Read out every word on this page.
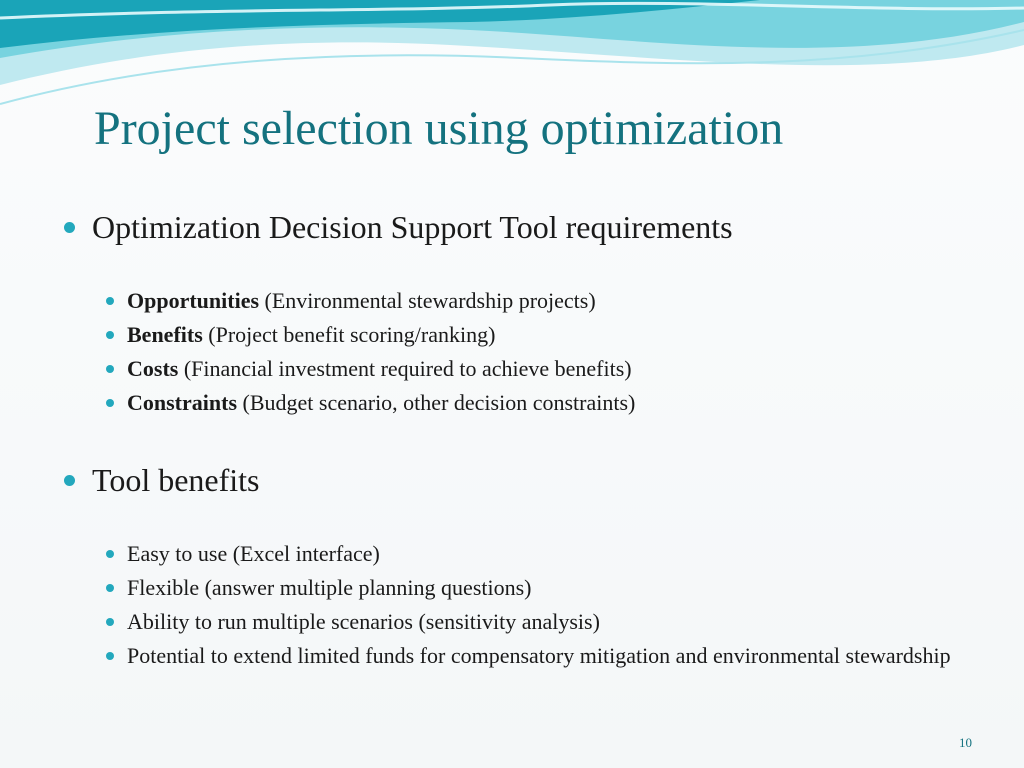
Project selection using optimization
Optimization Decision Support Tool requirements
Opportunities (Environmental stewardship projects)
Benefits (Project benefit scoring/ranking)
Costs (Financial investment required to achieve benefits)
Constraints (Budget scenario, other decision constraints)
Tool benefits
Easy to use (Excel interface)
Flexible (answer multiple planning questions)
Ability to run multiple scenarios (sensitivity analysis)
Potential to extend limited funds for compensatory mitigation and environmental stewardship
10
